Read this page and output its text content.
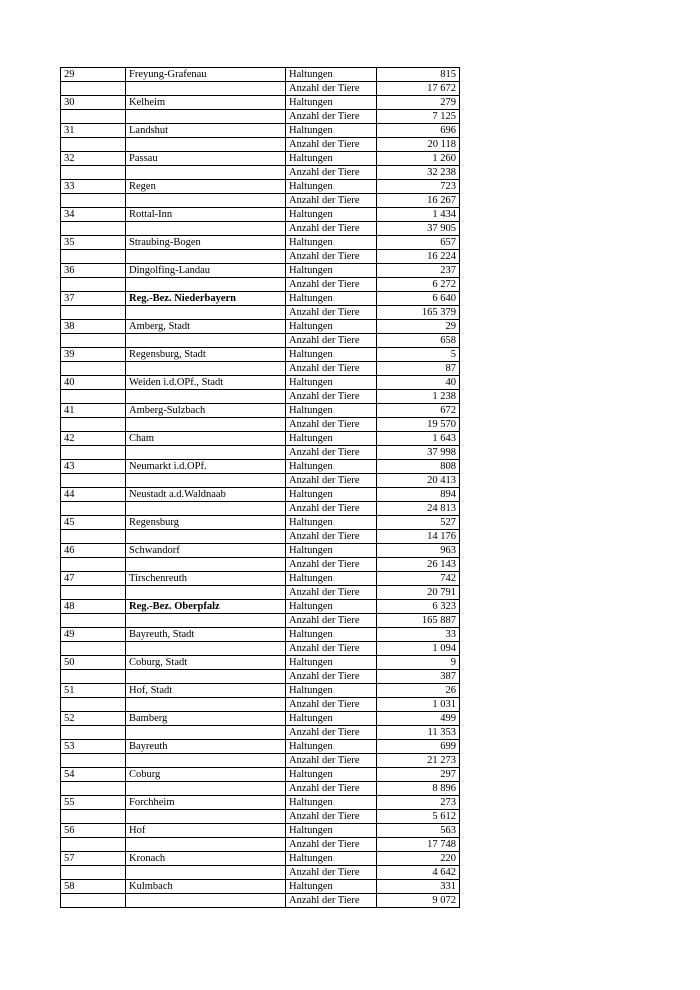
29	Freyung-Grafenau	Haltungen	815
		Anzahl der Tiere	17 672
30	Kelheim	Haltungen	279
		Anzahl der Tiere	7 125
31	Landshut	Haltungen	696
		Anzahl der Tiere	20 118
32	Passau	Haltungen	1 260
		Anzahl der Tiere	32 238
33	Regen	Haltungen	723
		Anzahl der Tiere	16 267
34	Rottal-Inn	Haltungen	1 434
		Anzahl der Tiere	37 905
35	Straubing-Bogen	Haltungen	657
		Anzahl der Tiere	16 224
36	Dingolfing-Landau	Haltungen	237
		Anzahl der Tiere	6 272
37	Reg.-Bez. Niederbayern	Haltungen	6 640
		Anzahl der Tiere	165 379
38	Amberg, Stadt	Haltungen	29
		Anzahl der Tiere	658
39	Regensburg, Stadt	Haltungen	5
		Anzahl der Tiere	87
40	Weiden i.d.OPf., Stadt	Haltungen	40
		Anzahl der Tiere	1 238
41	Amberg-Sulzbach	Haltungen	672
		Anzahl der Tiere	19 570
42	Cham	Haltungen	1 643
		Anzahl der Tiere	37 998
43	Neumarkt i.d.OPf.	Haltungen	808
		Anzahl der Tiere	20 413
44	Neustadt a.d.Waldnaab	Haltungen	894
		Anzahl der Tiere	24 813
45	Regensburg	Haltungen	527
		Anzahl der Tiere	14 176
46	Schwandorf	Haltungen	963
		Anzahl der Tiere	26 143
47	Tirschenreuth	Haltungen	742
		Anzahl der Tiere	20 791
48	Reg.-Bez. Oberpfalz	Haltungen	6 323
		Anzahl der Tiere	165 887
49	Bayreuth, Stadt	Haltungen	33
		Anzahl der Tiere	1 094
50	Coburg, Stadt	Haltungen	9
		Anzahl der Tiere	387
51	Hof, Stadt	Haltungen	26
		Anzahl der Tiere	1 031
52	Bamberg	Haltungen	499
		Anzahl der Tiere	11 353
53	Bayreuth	Haltungen	699
		Anzahl der Tiere	21 273
54	Coburg	Haltungen	297
		Anzahl der Tiere	8 896
55	Forchheim	Haltungen	273
		Anzahl der Tiere	5 612
56	Hof	Haltungen	563
		Anzahl der Tiere	17 748
57	Kronach	Haltungen	220
		Anzahl der Tiere	4 642
58	Kulmbach	Haltungen	331
		Anzahl der Tiere	9 072
